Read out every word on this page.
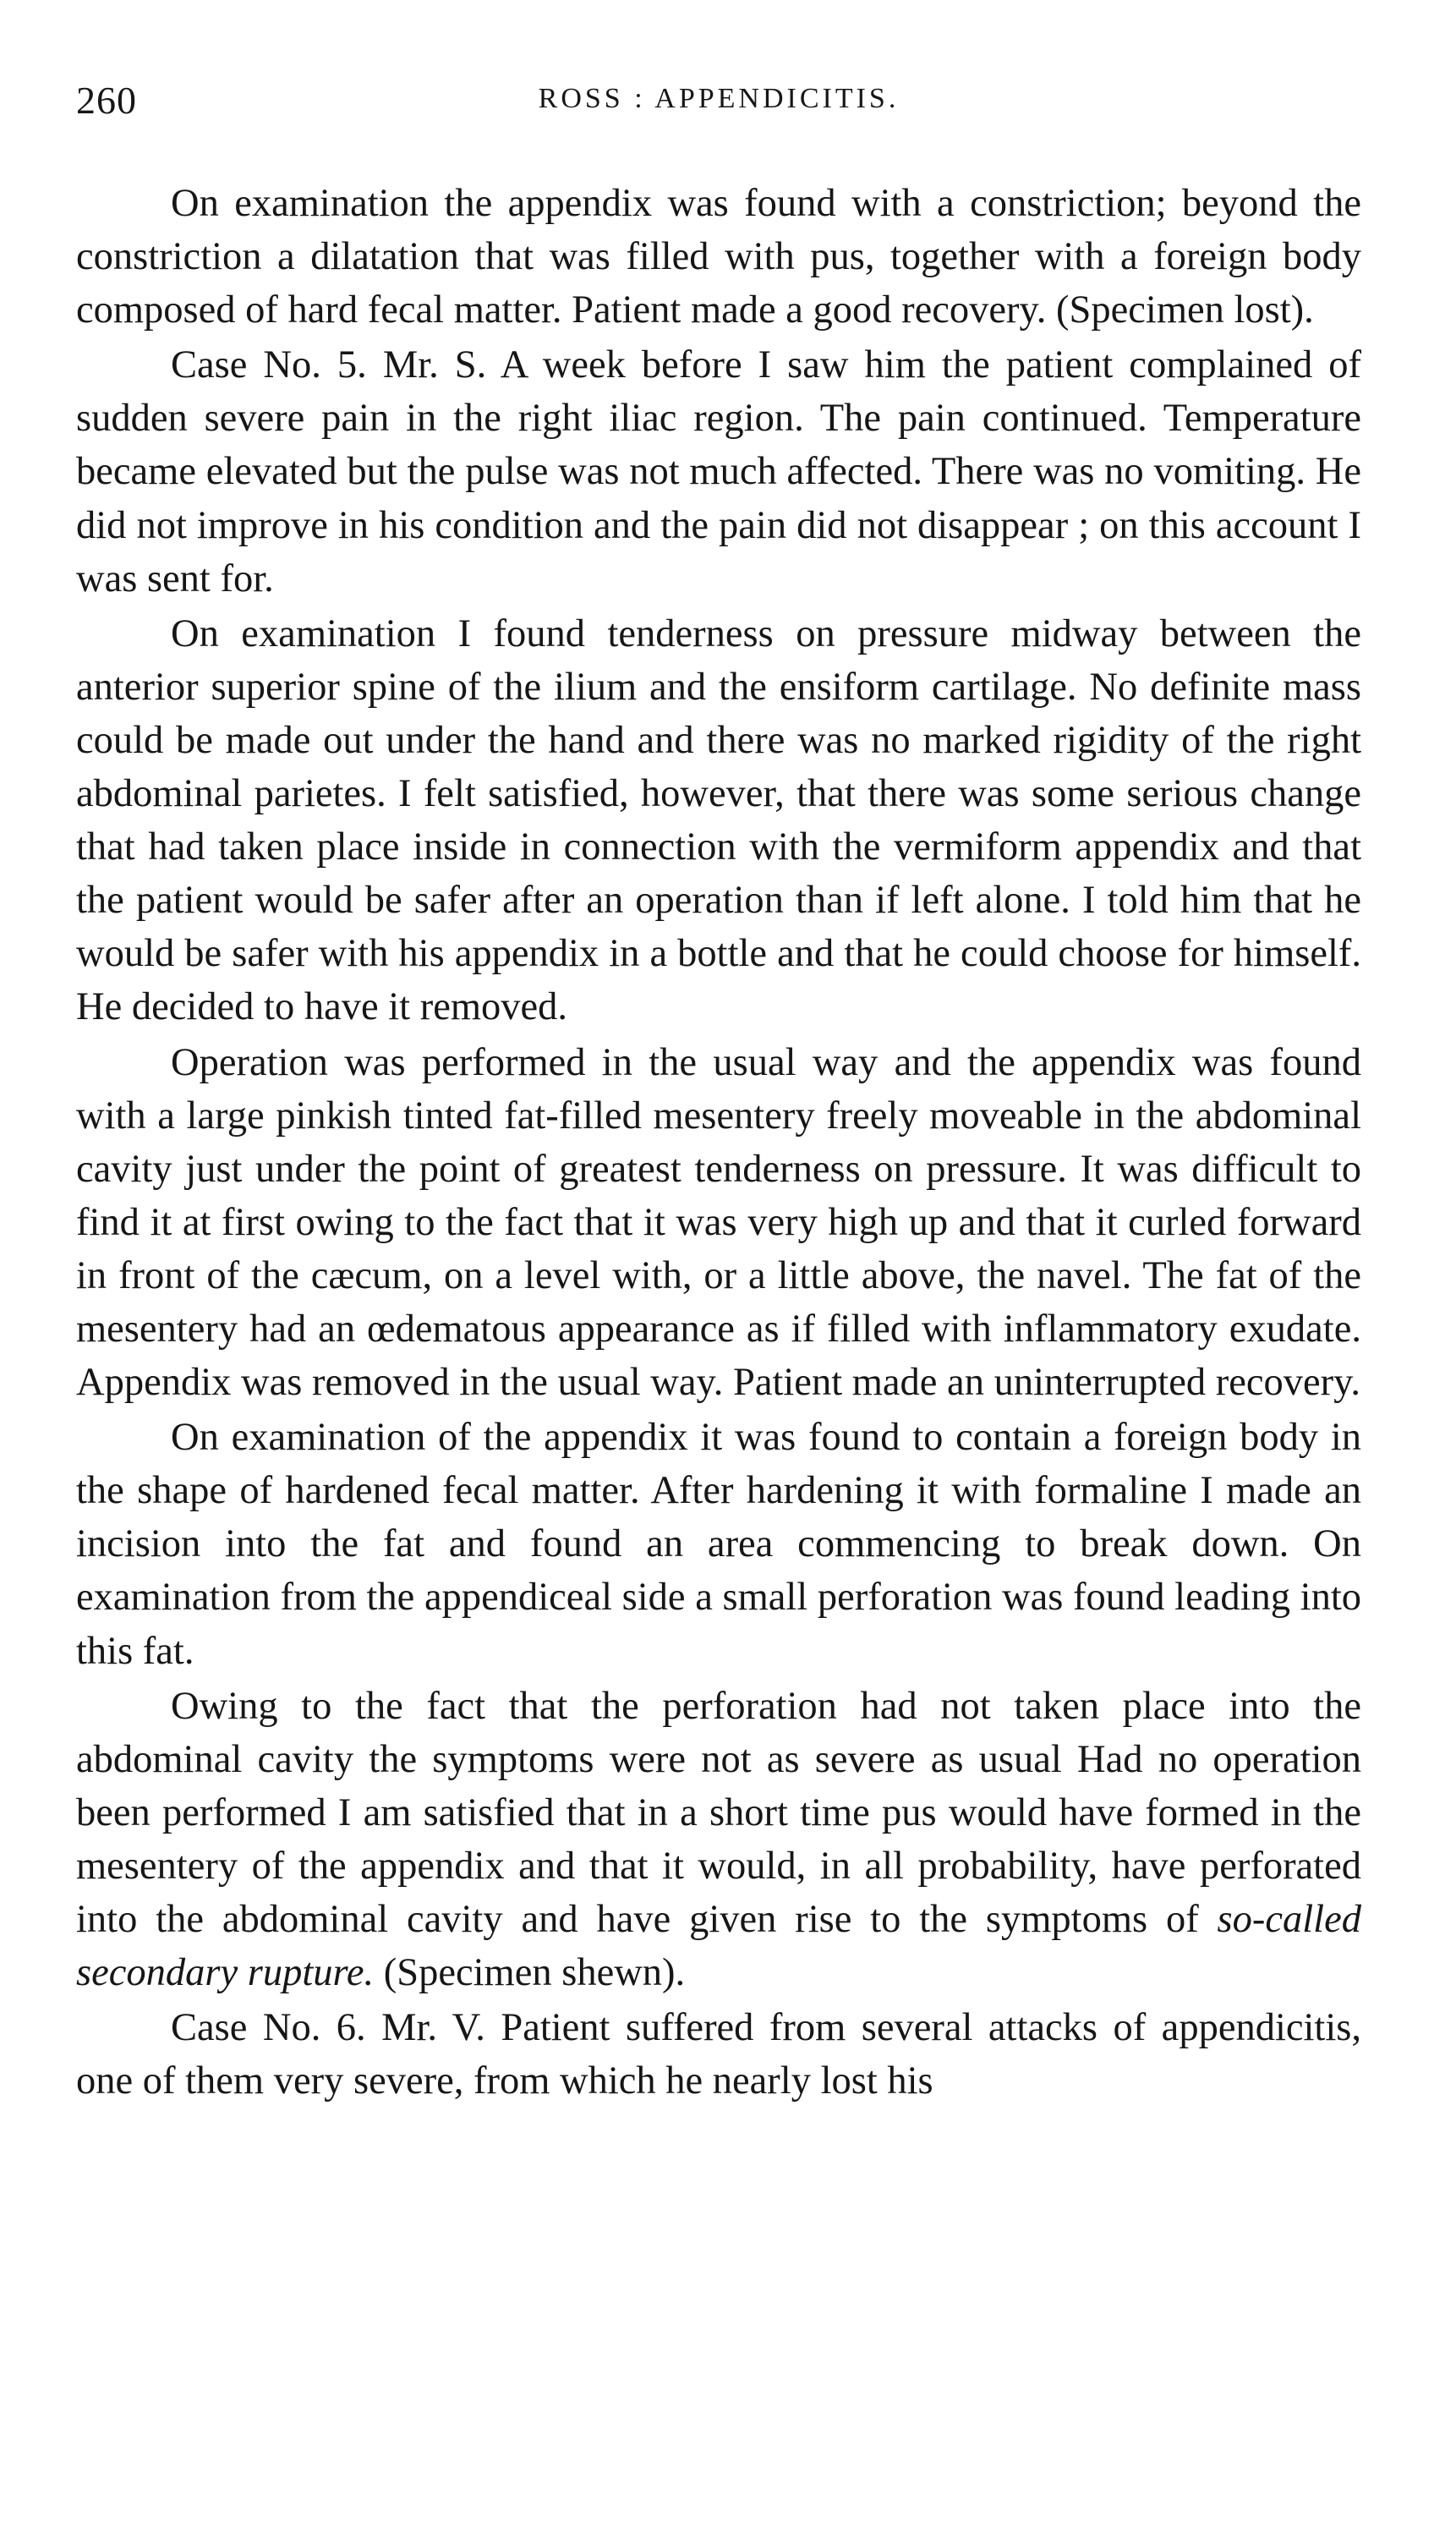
260	ROSS : APPENDICITIS.

On examination the appendix was found with a constriction; beyond the constriction a dilatation that was filled with pus, together with a foreign body composed of hard fecal matter. Patient made a good recovery. (Specimen lost).

Case No. 5. Mr. S. A week before I saw him the patient complained of sudden severe pain in the right iliac region. The pain continued. Temperature became elevated but the pulse was not much affected. There was no vomiting. He did not improve in his condition and the pain did not disappear ; on this account I was sent for.

On examination I found tenderness on pressure midway between the anterior superior spine of the ilium and the ensiform cartilage. No definite mass could be made out under the hand and there was no marked rigidity of the right abdominal parietes. I felt satisfied, however, that there was some serious change that had taken place inside in connection with the vermiform appendix and that the patient would be safer after an operation than if left alone. I told him that he would be safer with his appendix in a bottle and that he could choose for himself. He decided to have it removed.

Operation was performed in the usual way and the appendix was found with a large pinkish tinted fat-filled mesentery freely moveable in the abdominal cavity just under the point of greatest tenderness on pressure. It was difficult to find it at first owing to the fact that it was very high up and that it curled forward in front of the cæcum, on a level with, or a little above, the navel. The fat of the mesentery had an œdematous appearance as if filled with inflammatory exudate. Appendix was removed in the usual way. Patient made an uninterrupted recovery.

On examination of the appendix it was found to contain a foreign body in the shape of hardened fecal matter. After hardening it with formaline I made an incision into the fat and found an area commencing to break down. On examination from the appendiceal side a small perforation was found leading into this fat.

Owing to the fact that the perforation had not taken place into the abdominal cavity the symptoms were not as severe as usual Had no operation been performed I am satisfied that in a short time pus would have formed in the mesentery of the appendix and that it would, in all probability, have perforated into the abdominal cavity and have given rise to the symptoms of so-called secondary rupture. (Specimen shewn).

Case No. 6. Mr. V. Patient suffered from several attacks of appendicitis, one of them very severe, from which he nearly lost his
